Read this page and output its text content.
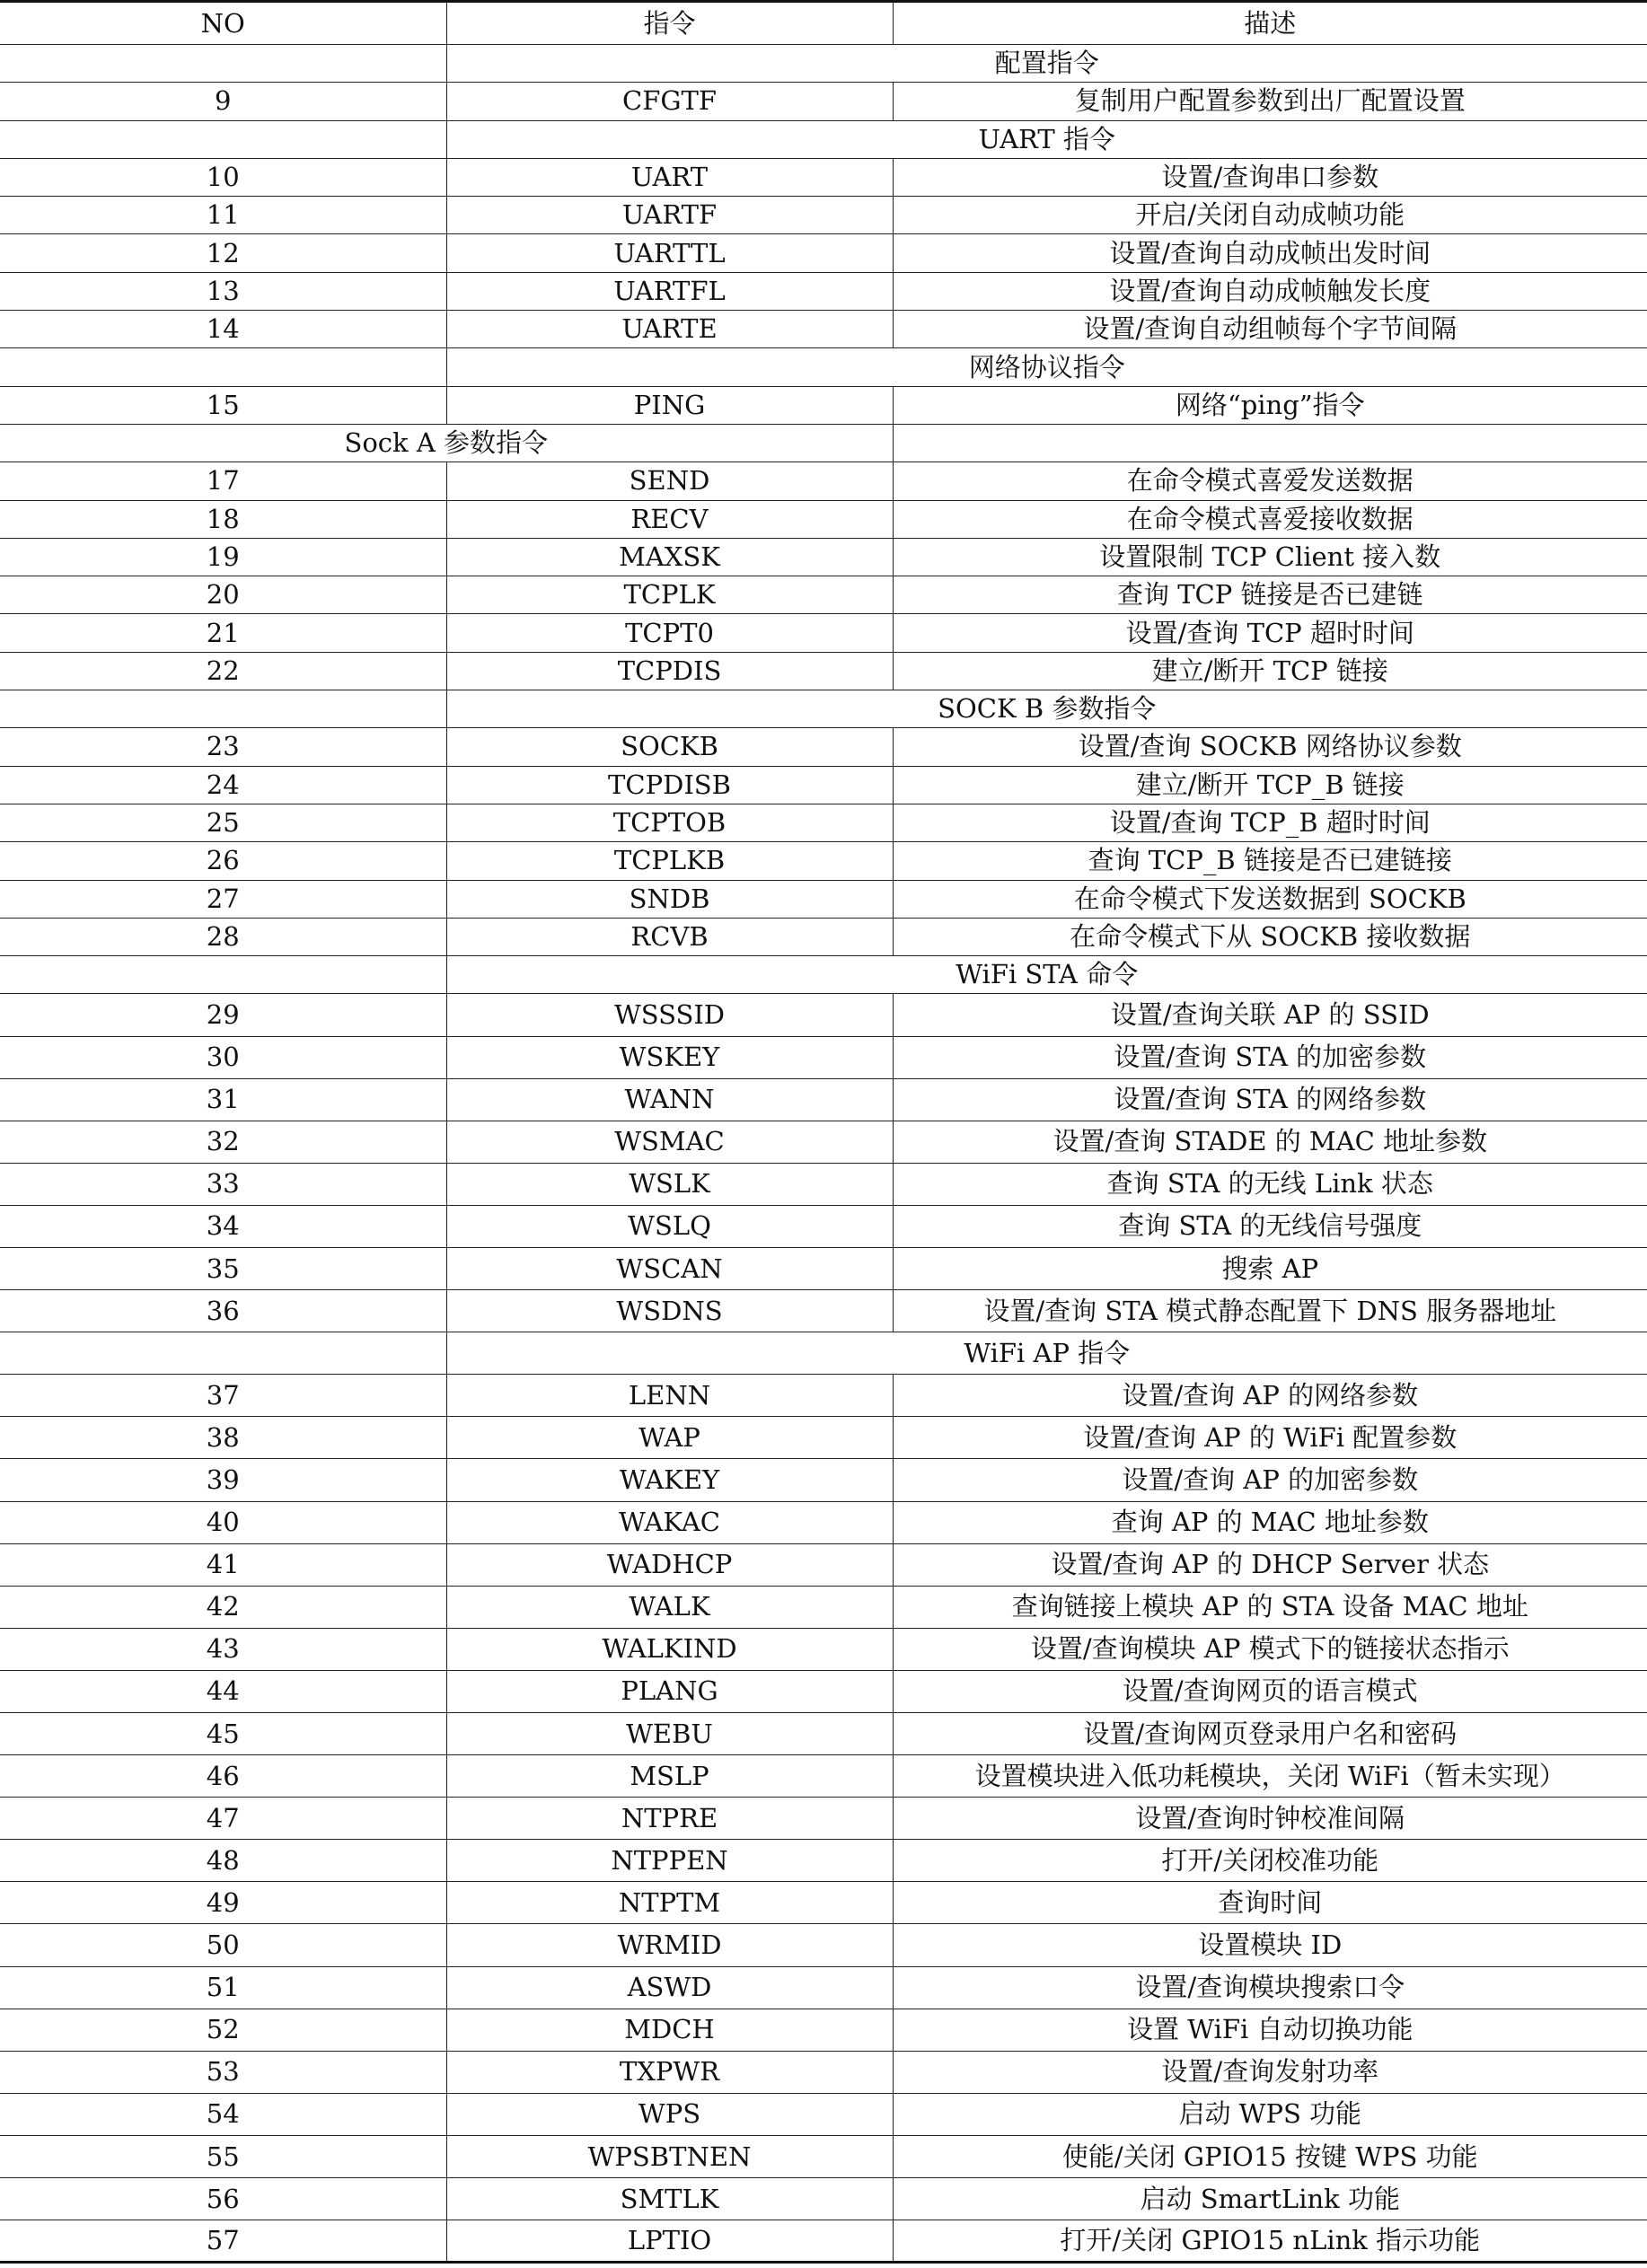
NO	指令	描述
	配置指令	
9	CFGTF	复制用户配置参数到出厂配置设置
	UART 指令	
10	UART	设置/查询串口参数
11	UARTF	开启/关闭自动成帧功能
12	UARTTL	设置/查询自动成帧出发时间
13	UARTFL	设置/查询自动成帧触发长度
14	UARTE	设置/查询自动组帧每个字节间隔
	网络协议指令	
15	PING	网络“ping”指令
Sock A 参数指令		
17	SEND	在命令模式喜爱发送数据
18	RECV	在命令模式喜爱接收数据
19	MAXSK	设置限制 TCP Client 接入数
20	TCPLK	查询 TCP 链接是否已建链
21	TCPT0	设置/查询 TCP 超时时间
22	TCPDIS	建立/断开 TCP 链接
	SOCK B 参数指令	
23	SOCKB	设置/查询 SOCKB 网络协议参数
24	TCPDISB	建立/断开 TCP_B 链接
25	TCPTOB	设置/查询 TCP_B 超时时间
26	TCPLKB	查询 TCP_B 链接是否已建链接
27	SNDB	在命令模式下发送数据到 SOCKB
28	RCVB	在命令模式下从 SOCKB 接收数据
	WiFi STA 命令	
29	WSSSID	设置/查询关联 AP 的 SSID
30	WSKEY	设置/查询 STA 的加密参数
31	WANN	设置/查询 STA 的网络参数
32	WSMAC	设置/查询 STADE 的 MAC 地址参数
33	WSLK	查询 STA 的无线 Link 状态
34	WSLQ	查询 STA 的无线信号强度
35	WSCAN	搜索 AP
36	WSDNS	设置/查询 STA 模式静态配置下 DNS 服务器地址
	WiFi AP 指令	
37	LENN	设置/查询 AP 的网络参数
38	WAP	设置/查询 AP 的 WiFi 配置参数
39	WAKEY	设置/查询 AP 的加密参数
40	WAKAC	查询 AP 的 MAC 地址参数
41	WADHCP	设置/查询 AP 的 DHCP Server 状态
42	WALK	查询链接上模块 AP 的 STA 设备 MAC 地址
43	WALKIND	设置/查询模块 AP 模式下的链接状态指示
44	PLANG	设置/查询网页的语言模式
45	WEBU	设置/查询网页登录用户名和密码
46	MSLP	设置模块进入低功耗模块，关闭 WiFi（暂未实现）
47	NTPRE	设置/查询时钟校准间隔
48	NTPPEN	打开/关闭校准功能
49	NTPTM	查询时间
50	WRMID	设置模块 ID
51	ASWD	设置/查询模块搜索口令
52	MDCH	设置 WiFi 自动切换功能
53	TXPWR	设置/查询发射功率
54	WPS	启动 WPS 功能
55	WPSBTNEN	使能/关闭 GPIO15 按键 WPS 功能
56	SMTLK	启动 SmartLink 功能
57	LPTIO	打开/关闭 GPIO15 nLink 指示功能
